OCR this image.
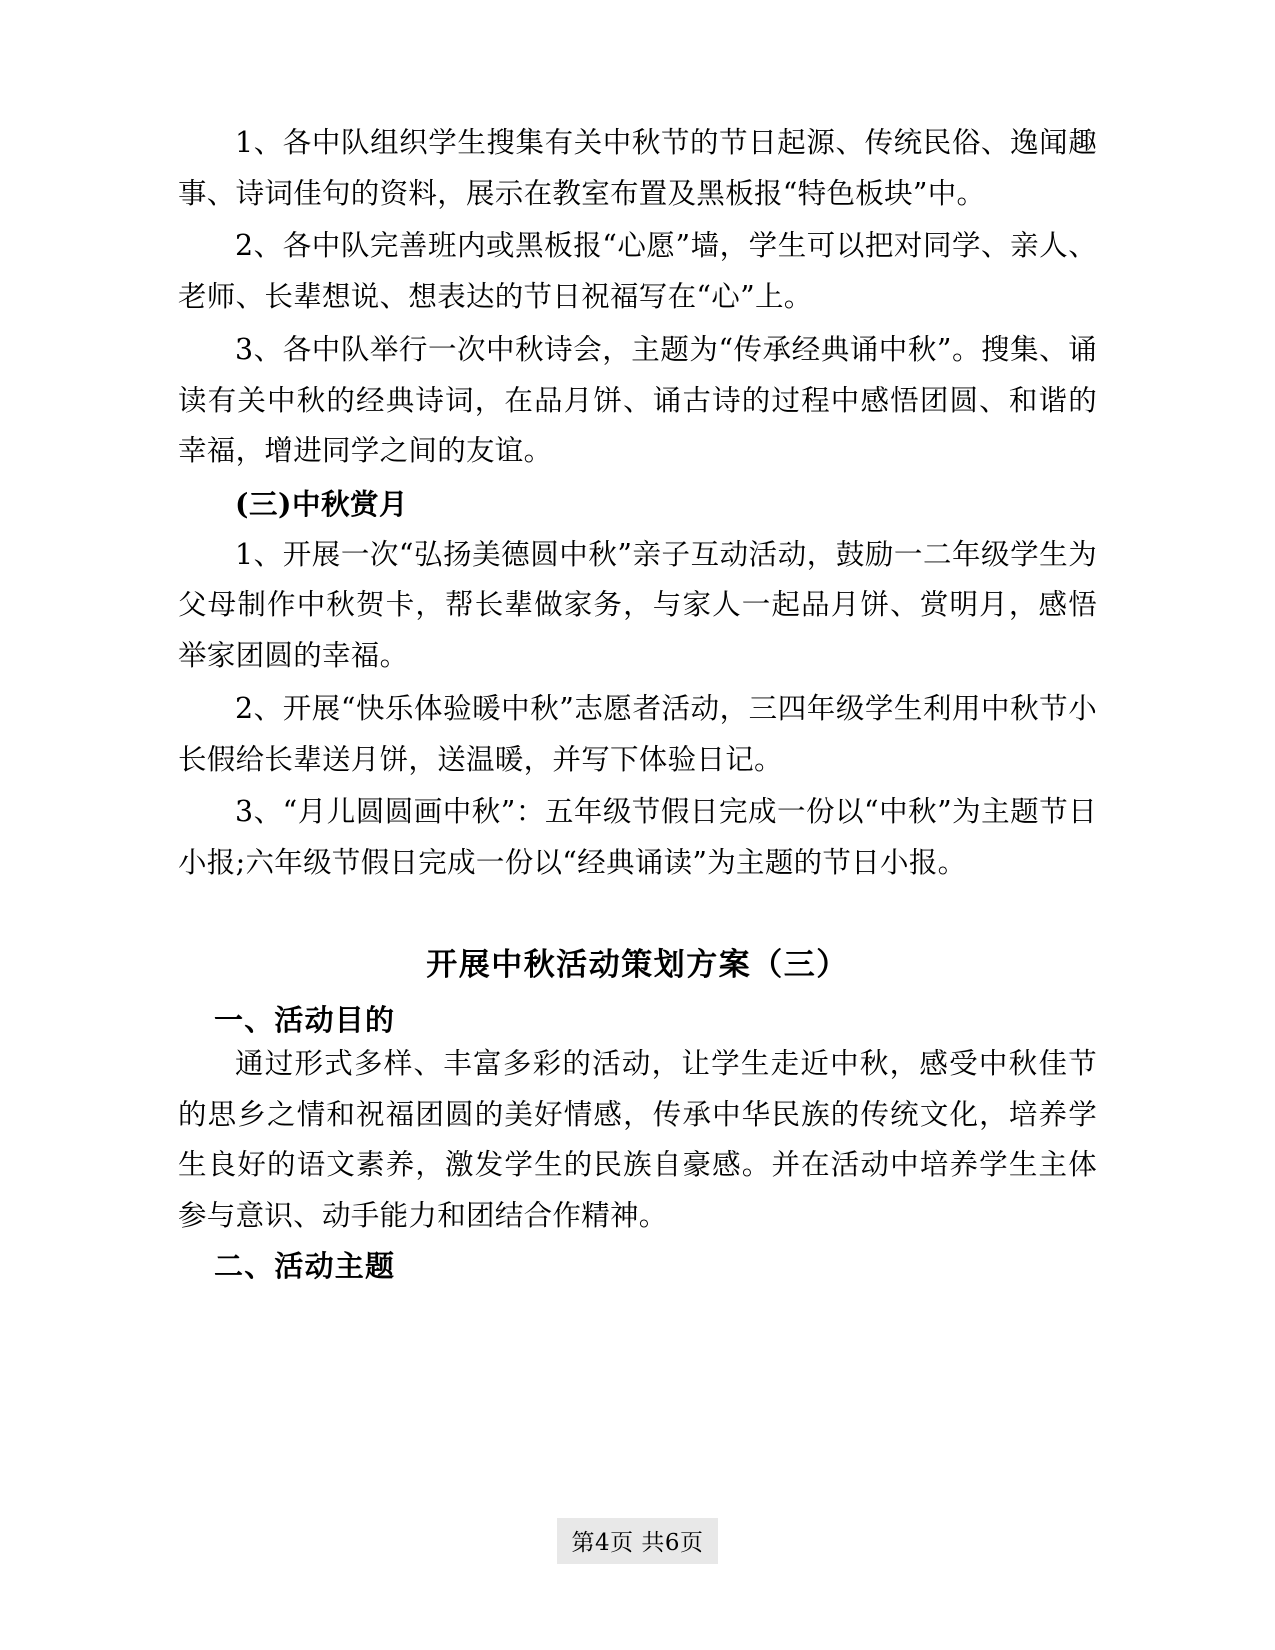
1、各中队组织学生搜集有关中秋节的节日起源、传统民俗、逸闻趣事、诗词佳句的资料，展示在教室布置及黑板报“特色板块”中。

2、各中队完善班内或黑板报“心愿”墙，学生可以把对同学、亲人、老师、长辈想说、想表达的节日祝福写在“心”上。

3、各中队举行一次中秋诗会，主题为“传承经典诵中秋”。搜集、诵读有关中秋的经典诗词，在品月饼、诵古诗的过程中感悟团圆、和谐的幸福，增进同学之间的友谊。

(三)中秋赏月

1、开展一次“弘扬美德圆中秋”亲子互动活动，鼓励一二年级学生为父母制作中秋贺卡，帮长辈做家务，与家人一起品月饼、赏明月，感悟举家团圆的幸福。

2、开展“快乐体验暖中秋”志愿者活动，三四年级学生利用中秋节小长假给长辈送月饼，送温暖，并写下体验日记。

3、“月儿圆圆画中秋”：五年级节假日完成一份以“中秋”为主题节日小报;六年级节假日完成一份以“经典诵读”为主题的节日小报。

开展中秋活动策划方案（三）
一、活动目的

通过形式多样、丰富多彩的活动，让学生走近中秋，感受中秋佳节的思乡之情和祝福团圆的美好情感，传承中华民族的传统文化，培养学生良好的语文素养，激发学生的民族自豪感。并在活动中培养学生主体参与意识、动手能力和团结合作精神。

二、活动主题
第4页 共6页
